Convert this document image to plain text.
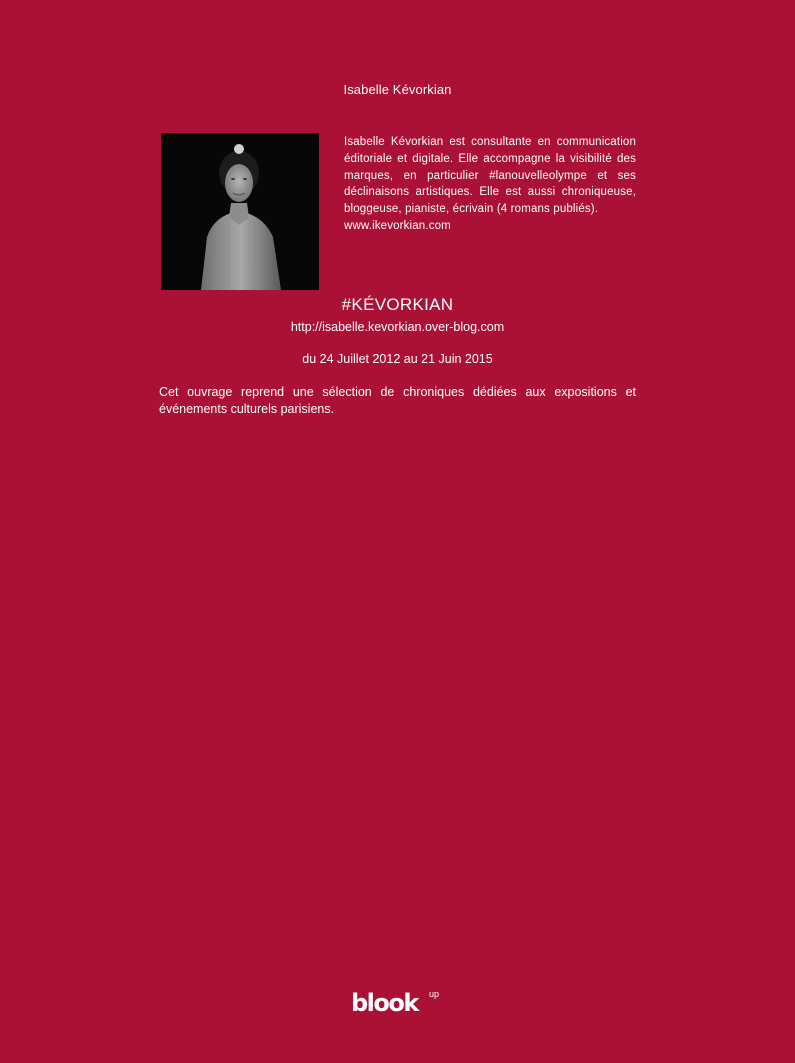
Isabelle Kévorkian
Isabelle Kévorkian est consultante en communication éditoriale et digitale. Elle accompagne la visibilité des marques, en particulier #lanouvelleolympe et ses déclinaisons artistiques. Elle est aussi chroniqueuse, bloggeuse, pianiste, écrivain (4 romans publiés).
www.ikevorkian.com
#KÉVORKIAN
http://isabelle.kevorkian.over-blog.com
du 24 Juillet 2012 au 21 Juin 2015
Cet ouvrage reprend une sélection de chroniques dédiées aux expositions et événements culturels parisiens.
blook up
